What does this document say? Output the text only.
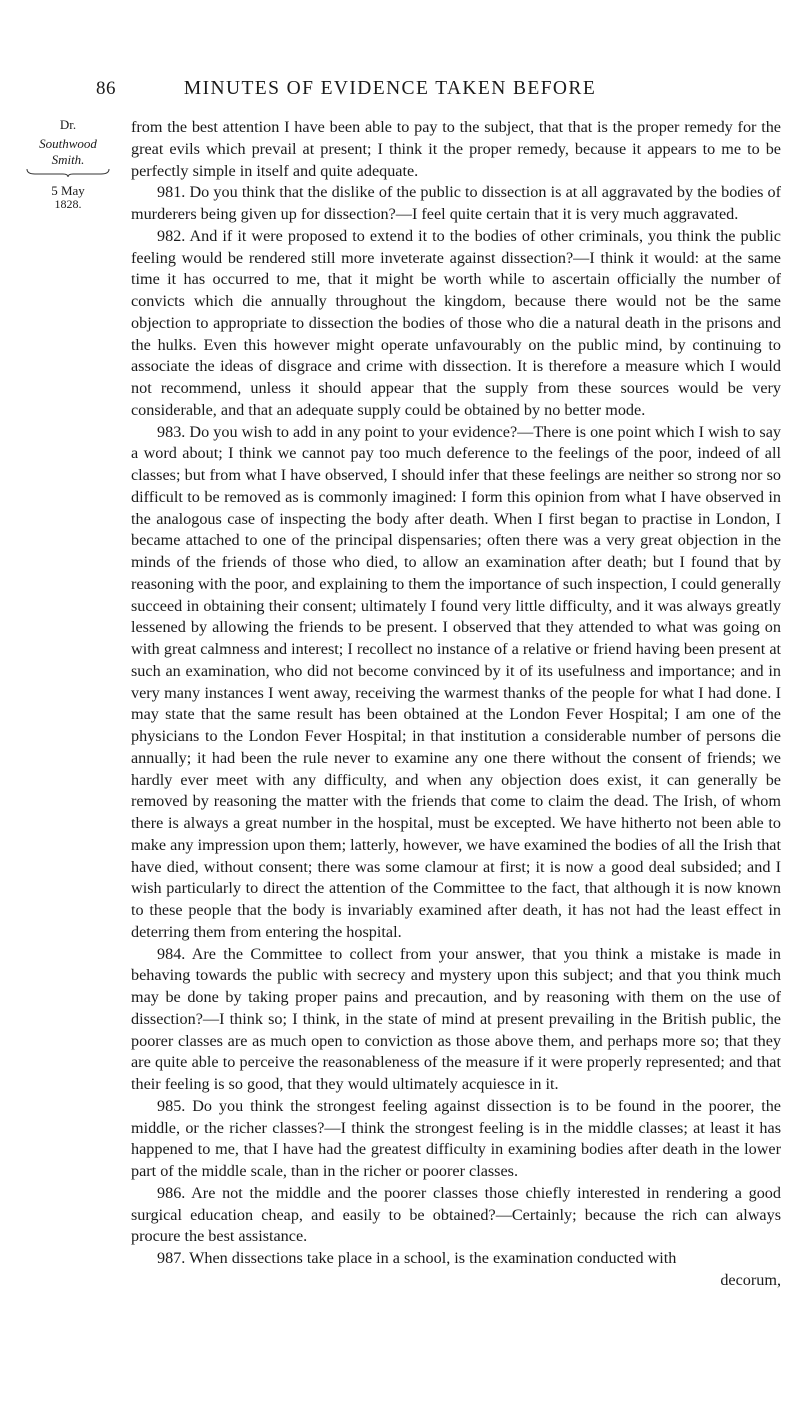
86	MINUTES OF EVIDENCE TAKEN BEFORE
Dr.
Southwood Smith.
5 May
1828.

from the best attention I have been able to pay to the subject, that that is the proper remedy for the great evils which prevail at present; I think it the proper remedy, because it appears to me to be perfectly simple in itself and quite adequate.

981. Do you think that the dislike of the public to dissection is at all aggravated by the bodies of murderers being given up for dissection?—I feel quite certain that it is very much aggravated.

982. And if it were proposed to extend it to the bodies of other criminals, you think the public feeling would be rendered still more inveterate against dissection?—I think it would: at the same time it has occurred to me, that it might be worth while to ascertain officially the number of convicts which die annually throughout the kingdom, because there would not be the same objection to appropriate to dissection the bodies of those who die a natural death in the prisons and the hulks. Even this however might operate unfavourably on the public mind, by continuing to associate the ideas of disgrace and crime with dissection. It is therefore a measure which I would not recommend, unless it should appear that the supply from these sources would be very considerable, and that an adequate supply could be obtained by no better mode.

983. Do you wish to add in any point to your evidence?—There is one point which I wish to say a word about; I think we cannot pay too much deference to the feelings of the poor, indeed of all classes; but from what I have observed, I should infer that these feelings are neither so strong nor so difficult to be removed as is commonly imagined: I form this opinion from what I have observed in the analogous case of inspecting the body after death. When I first began to practise in London, I became attached to one of the principal dispensaries; often there was a very great objection in the minds of the friends of those who died, to allow an examination after death; but I found that by reasoning with the poor, and explaining to them the importance of such inspection, I could generally succeed in obtaining their consent; ultimately I found very little difficulty, and it was always greatly lessened by allowing the friends to be present. I observed that they attended to what was going on with great calmness and interest; I recollect no instance of a relative or friend having been present at such an examination, who did not become convinced by it of its usefulness and importance; and in very many instances I went away, receiving the warmest thanks of the people for what I had done. I may state that the same result has been obtained at the London Fever Hospital; I am one of the physicians to the London Fever Hospital; in that institution a considerable number of persons die annually; it had been the rule never to examine any one there without the consent of friends; we hardly ever meet with any difficulty, and when any objection does exist, it can generally be removed by reasoning the matter with the friends that come to claim the dead. The Irish, of whom there is always a great number in the hospital, must be excepted. We have hitherto not been able to make any impression upon them; latterly, however, we have examined the bodies of all the Irish that have died, without consent; there was some clamour at first; it is now a good deal subsided; and I wish particularly to direct the attention of the Committee to the fact, that although it is now known to these people that the body is invariably examined after death, it has not had the least effect in deterring them from entering the hospital.

984. Are the Committee to collect from your answer, that you think a mistake is made in behaving towards the public with secrecy and mystery upon this subject; and that you think much may be done by taking proper pains and precaution, and by reasoning with them on the use of dissection?—I think so; I think, in the state of mind at present prevailing in the British public, the poorer classes are as much open to conviction as those above them, and perhaps more so; that they are quite able to perceive the reasonableness of the measure if it were properly represented; and that their feeling is so good, that they would ultimately acquiesce in it.

985. Do you think the strongest feeling against dissection is to be found in the poorer, the middle, or the richer classes?—I think the strongest feeling is in the middle classes; at least it has happened to me, that I have had the greatest difficulty in examining bodies after death in the lower part of the middle scale, than in the richer or poorer classes.

986. Are not the middle and the poorer classes those chiefly interested in rendering a good surgical education cheap, and easily to be obtained?—Certainly; because the rich can always procure the best assistance.

987. When dissections take place in a school, is the examination conducted with

decorum,
